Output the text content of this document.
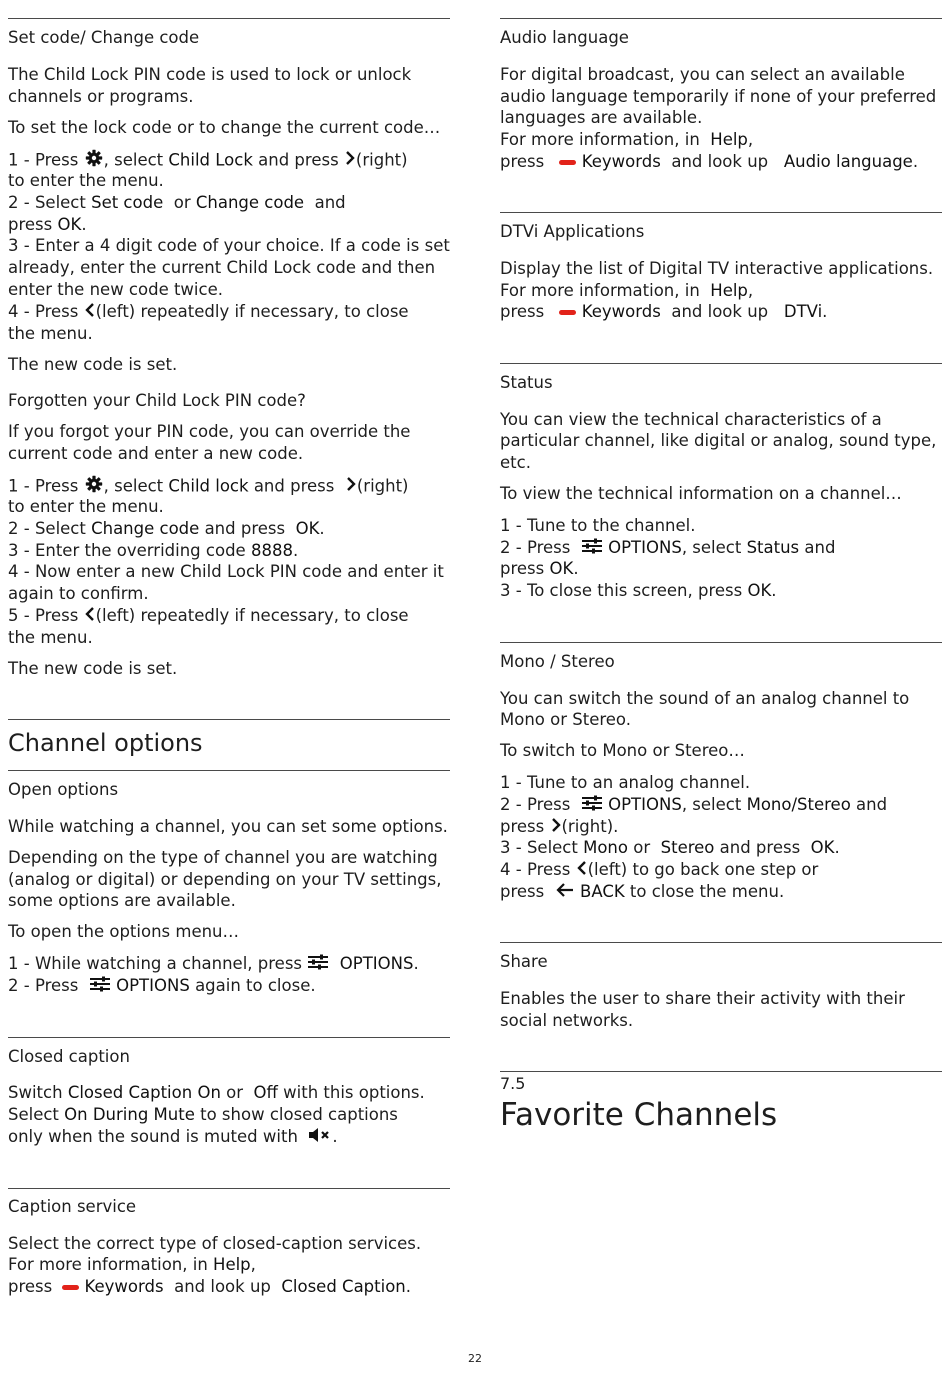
Set code/ Change code
The Child Lock PIN code is used to lock or unlock
channels or programs.
To set the lock code or to change the current code…
1 - Press , select Child Lock and press (right)
to enter the menu.
2 - Select Set code or Change code and
press OK.
3 - Enter a 4 digit code of your choice. If a code is set
already, enter the current Child Lock code and then
enter the new code twice.
4 - Press (left) repeatedly if necessary, to close
the menu.
The new code is set.
Forgotten your Child Lock PIN code?
If you forgot your PIN code, you can override the
current code and enter a new code.
1 - Press , select Child lock and press (right)
to enter the menu.
2 - Select Change code and press OK.
3 - Enter the overriding code 8888.
4 - Now enter a new Child Lock PIN code and enter it
again to confirm.
5 - Press (left) repeatedly if necessary, to close
the menu.
The new code is set.
Channel options
Open options
While watching a channel, you can set some options.
Depending on the type of channel you are watching
(analog or digital) or depending on your TV settings,
some options are available.
To open the options menu…
1 - While watching a channel, press OPTIONS.
2 - Press OPTIONS again to close.
Closed caption
Switch Closed Caption On or Off with this options.
Select On During Mute to show closed captions
only when the sound is muted with .
Caption service
Select the correct type of closed-caption services.
For more information, in Help,
press Keywords and look up Closed Caption.
Audio language
For digital broadcast, you can select an available
audio language temporarily if none of your preferred
languages are available.
For more information, in Help,
press Keywords and look up Audio language.
DTVi Applications
Display the list of Digital TV interactive applications.
For more information, in Help,
press Keywords and look up DTVi.
Status
You can view the technical characteristics of a
particular channel, like digital or analog, sound type,
etc.
To view the technical information on a channel…
1 - Tune to the channel.
2 - Press OPTIONS, select Status and
press OK.
3 - To close this screen, press OK.
Mono / Stereo
You can switch the sound of an analog channel to
Mono or Stereo.
To switch to Mono or Stereo…
1 - Tune to an analog channel.
2 - Press OPTIONS, select Mono/Stereo and
press (right).
3 - Select Mono or Stereo and press OK.
4 - Press (left) to go back one step or
press BACK to close the menu.
Share
Enables the user to share their activity with their
social networks.
7.5
Favorite Channels
22
